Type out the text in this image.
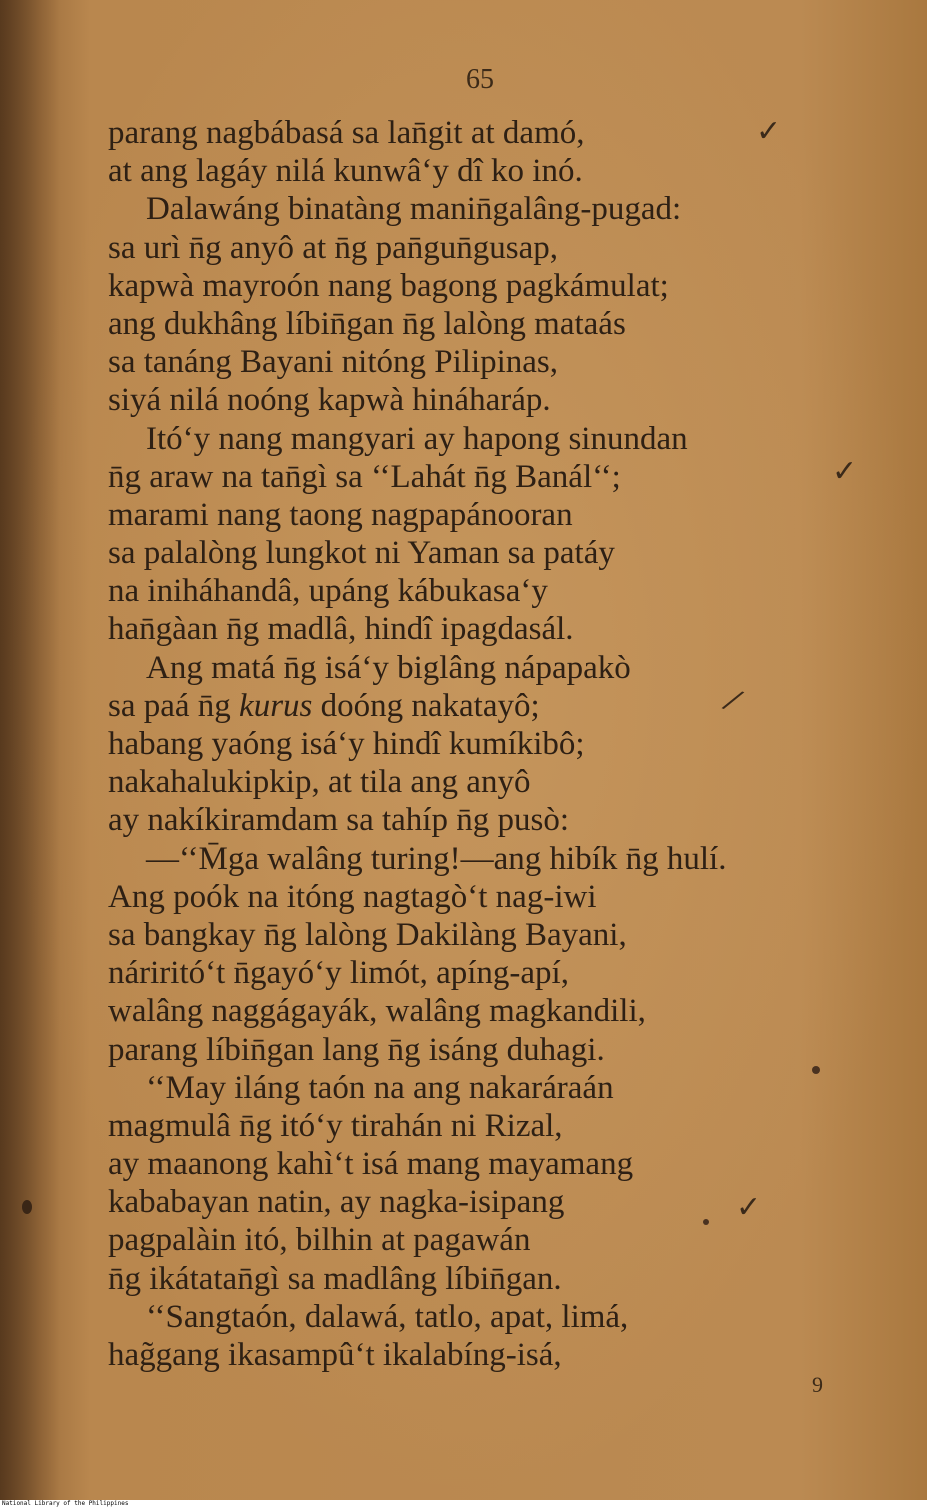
65
parang nagbábasá sa lan̄git at damó,
at ang lagáy nilá kunwâ‘y dî ko inó.
Dalawáng binatàng manin̄galâng-pugad:
sa urì n̄g anyô at n̄g pan̄gun̄gusap,
kapwà mayroón nang bagong pagkámulat;
ang dukhâng líbin̄gan n̄g lalòng mataás
sa tanáng Bayani nitóng Pilipinas,
siyá nilá noóng kapwà hináharáp.
Itó‘y nang mangyari ay hapong sinundan
n̄g araw na tan̄gì sa ‘‘Lahát n̄g Banál‘‘;
marami nang taong nagpapánooran
sa palalòng lungkot ni Yaman sa patáy
na iniháhandâ, upáng kábukasa‘y
han̄gàan n̄g madlâ, hindî ipagdasál.
Ang matá n̄g isá‘y biglâng nápapakò
sa paá n̄g kurus doóng nakatayô;
habang yaóng isá‘y hindî kumíkibô;
nakahalukipkip, at tila ang anyô
ay nakíkiramdam sa tahíp n̄g pusò:
—‘‘M̄ga walâng turing!—ang hibík n̄g hulí.
Ang poók na itóng nagtagò‘t nag-iwi
sa bangkay n̄g lalòng Dakilàng Bayani,
náriritó‘t n̄gayó‘y limót, apíng-apí,
walâng naggágayák, walâng magkandili,
parang líbin̄gan lang n̄g isáng duhagi.
‘‘May iláng taón na ang nakaráraán
magmulâ n̄g itó‘y tirahán ni Rizal,
ay maanong kahì‘t isá mang mayamang
kababayan natin, ay nagka-isipang
pagpalàin itó, bilhin at pagawán
n̄g ikátatan̄gì sa madlâng líbin̄gan.
‘‘Sangtaón, dalawá, tatlo, apat, limá,
hag̃gang ikasampû‘t ikalabíng-isá,
✓
✓
⁄
✓
9
National Library of the Philippines
